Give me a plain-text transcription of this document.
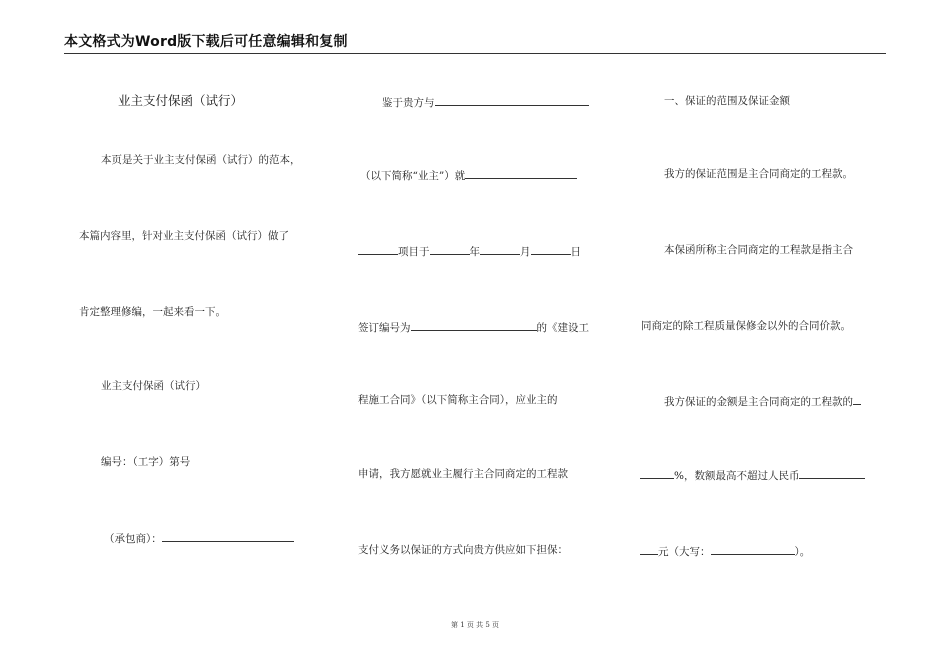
本文格式为Word版下载后可任意编辑和复制
业主支付保函（试行）
本页是关于业主支付保函（试行）的范本，
本篇内容里，针对业主支付保函（试行）做了
肯定整理修编，一起来看一下。
业主支付保函（试行）
编号：（工字）第号
（承包商）：
鉴于贵方与
（以下简称“业主”）就
项目于	年	月	日
签订编号为	的《建设工
程施工合同》（以下简称主合同），应业主的
申请，我方愿就业主履行主合同商定的工程款
支付义务以保证的方式向贵方供应如下担保：
一、保证的范围及保证金额
我方的保证范围是主合同商定的工程款。
本保函所称主合同商定的工程款是指主合
同商定的除工程质量保修金以外的合同价款。
我方保证的金额是主合同商定的工程款的
%，数额最高不超过人民币
元（大写：	）。
第 1 页 共 5 页
